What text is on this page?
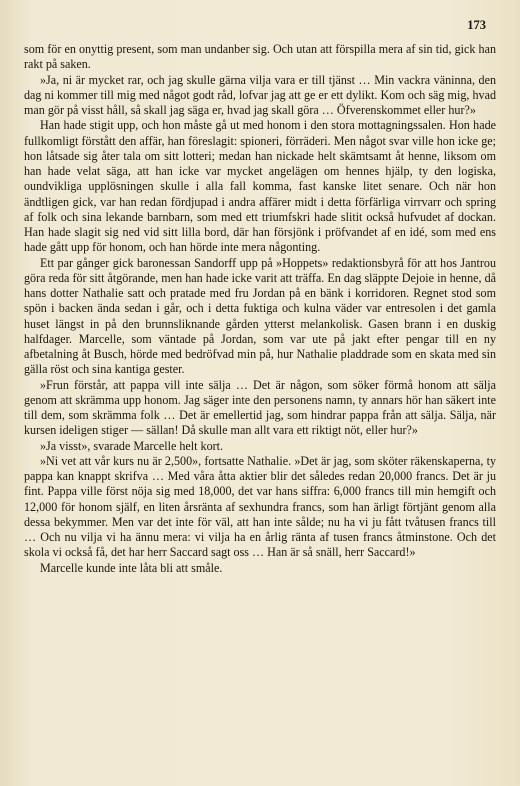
173

som för en onyttig present, som man undanber sig. Och utan att förspilla mera af sin tid, gick han rakt på saken.

»Ja, ni är mycket rar, och jag skulle gärna vilja vara er till tjänst … Min vackra väninna, den dag ni kommer till mig med något godt råd, lofvar jag att ge er ett dylikt. Kom och säg mig, hvad man gör på visst håll, så skall jag säga er, hvad jag skall göra … Öfverenskommet eller hur?»

Han hade stigit upp, och hon måste gå ut med honom i den stora mottagningssalen. Hon hade fullkomligt förstått den affär, han föreslagit: spioneri, förräderi. Men något svar ville hon icke ge; hon låtsade sig åter tala om sitt lotteri; medan han nickade helt skämtsamt åt henne, liksom om han hade velat säga, att han icke var mycket angelägen om hennes hjälp, ty den logiska, oundvikliga upplösningen skulle i alla fall komma, fast kanske litet senare. Och när hon ändtligen gick, var han redan fördjupad i andra affärer midt i detta förfärliga virrvarr och spring af folk och sina lekande barnbarn, som med ett triumfskri hade slitit också hufvudet af dockan. Han hade slagit sig ned vid sitt lilla bord, där han försjönk i pröfvandet af en idé, som med ens hade gått upp för honom, och han hörde inte mera någonting.

Ett par gånger gick baronessan Sandorff upp på »Hoppets» redaktionsbyrå för att hos Jantrou göra reda för sitt åtgörande, men han hade icke varit att träffa. En dag släppte Dejoie in henne, då hans dotter Nathalie satt och pratade med fru Jordan på en bänk i korridoren. Regnet stod som spön i backen ända sedan i går, och i detta fuktiga och kulna väder var entresolen i det gamla huset längst in på den brunnsliknande gården ytterst melankolisk. Gasen brann i en duskig halfdager. Marcelle, som väntade på Jordan, som var ute på jakt efter pengar till en ny afbetalning åt Busch, hörde med bedröfvad min på, hur Nathalie pladdrade som en skata med sin gälla röst och sina kantiga gester.

»Frun förstår, att pappa vill inte sälja … Det är någon, som söker förmå honom att sälja genom att skrämma upp honom. Jag säger inte den personens namn, ty annars hör han säkert inte till dem, som skrämma folk … Det är emellertid jag, som hindrar pappa från att sälja. Sälja, när kursen ideligen stiger — sällan! Då skulle man allt vara ett riktigt nöt, eller hur?»

»Ja visst», svarade Marcelle helt kort.

»Ni vet att vår kurs nu är 2,500», fortsatte Nathalie. »Det är jag, som sköter räkenskaperna, ty pappa kan knappt skrifva … Med våra åtta aktier blir det således redan 20,000 francs. Det är ju fint. Pappa ville först nöja sig med 18,000, det var hans siffra: 6,000 francs till min hemgift och 12,000 för honom själf, en liten årsränta af sexhundra francs, som han ärligt förtjänt genom alla dessa bekymmer. Men var det inte för väl, att han inte sålde; nu ha vi ju fått tvåtusen francs till … Och nu vilja vi ha ännu mera: vi vilja ha en årlig ränta af tusen francs åtminstone. Och det skola vi också få, det har herr Saccard sagt oss … Han är så snäll, herr Saccard!»

Marcelle kunde inte låta bli att småle.
